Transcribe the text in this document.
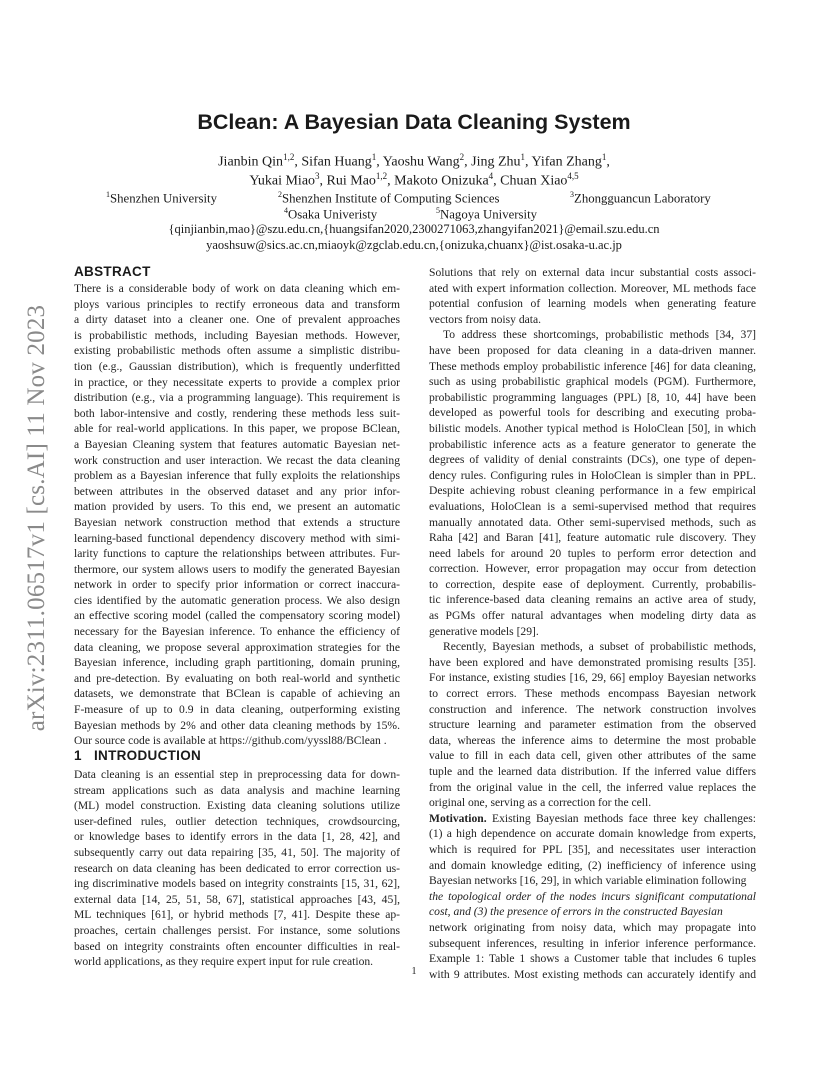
arXiv:2311.06517v1 [cs.AI] 11 Nov 2023
BClean: A Bayesian Data Cleaning System
Jianbin Qin$^{1,2}$, Sifan Huang$^1$, Yaoshu Wang$^2$, Jing Zhu$^1$, Yifan Zhang$^1$,
Yukai Miao$^3$, Rui Mao$^{1,2}$, Makoto Onizuka$^4$, Chuan Xiao$^{4,5}$
$^1$Shenzhen University	$^2$Shenzhen Institute of Computing Sciences	$^3$Zhongguancun Laboratory
$^4$Osaka Univeristy	$^5$Nagoya University
{qinjianbin,mao}@szu.edu.cn,{huangsifan2020,2300271063,zhangyifan2021}@email.szu.edu.cn
yaoshsuw@sics.ac.cn,miaoyk@zgclab.edu.cn,{onizuka,chuanx}@ist.osaka-u.ac.jp
ABSTRACT
There is a considerable body of work on data cleaning which em-
ploys various principles to rectify erroneous data and transform
a dirty dataset into a cleaner one. One of prevalent approaches
is probabilistic methods, including Bayesian methods. However,
existing probabilistic methods often assume a simplistic distribu-
tion (e.g., Gaussian distribution), which is frequently underfitted
in practice, or they necessitate experts to provide a complex prior
distribution (e.g., via a programming language). This requirement is
both labor-intensive and costly, rendering these methods less suit-
able for real-world applications. In this paper, we propose BClean,
a Bayesian Cleaning system that features automatic Bayesian net-
work construction and user interaction. We recast the data cleaning
problem as a Bayesian inference that fully exploits the relationships
between attributes in the observed dataset and any prior infor-
mation provided by users. To this end, we present an automatic
Bayesian network construction method that extends a structure
learning-based functional dependency discovery method with simi-
larity functions to capture the relationships between attributes. Fur-
thermore, our system allows users to modify the generated Bayesian
network in order to specify prior information or correct inaccura-
cies identified by the automatic generation process. We also design
an effective scoring model (called the compensatory scoring model)
necessary for the Bayesian inference. To enhance the efficiency of
data cleaning, we propose several approximation strategies for the
Bayesian inference, including graph partitioning, domain pruning,
and pre-detection. By evaluating on both real-world and synthetic
datasets, we demonstrate that BClean is capable of achieving an
F-measure of up to 0.9 in data cleaning, outperforming existing
Bayesian methods by 2% and other data cleaning methods by 15%.
Our source code is available at https://github.com/yyssl88/BClean .
1 INTRODUCTION
Data cleaning is an essential step in preprocessing data for down-
stream applications such as data analysis and machine learning
(ML) model construction. Existing data cleaning solutions utilize
user-defined rules, outlier detection techniques, crowdsourcing,
or knowledge bases to identify errors in the data [1, 28, 42], and
subsequently carry out data repairing [35, 41, 50]. The majority of
research on data cleaning has been dedicated to error correction us-
ing discriminative models based on integrity constraints [15, 31, 62],
external data [14, 25, 51, 58, 67], statistical approaches [43, 45],
ML techniques [61], or hybrid methods [7, 41]. Despite these ap-
proaches, certain challenges persist. For instance, some solutions
based on integrity constraints often encounter difficulties in real-
world applications, as they require expert input for rule creation.
Solutions that rely on external data incur substantial costs associ-
ated with expert information collection. Moreover, ML methods face
potential confusion of learning models when generating feature
vectors from noisy data.
To address these shortcomings, probabilistic methods [34, 37]
have been proposed for data cleaning in a data-driven manner.
These methods employ probabilistic inference [46] for data cleaning,
such as using probabilistic graphical models (PGM). Furthermore,
probabilistic programming languages (PPL) [8, 10, 44] have been
developed as powerful tools for describing and executing proba-
bilistic models. Another typical method is HoloClean [50], in which
probabilistic inference acts as a feature generator to generate the
degrees of validity of denial constraints (DCs), one type of depen-
dency rules. Configuring rules in HoloClean is simpler than in PPL.
Despite achieving robust cleaning performance in a few empirical
evaluations, HoloClean is a semi-supervised method that requires
manually annotated data. Other semi-supervised methods, such as
Raha [42] and Baran [41], feature automatic rule discovery. They
need labels for around 20 tuples to perform error detection and
correction. However, error propagation may occur from detection
to correction, despite ease of deployment. Currently, probabilis-
tic inference-based data cleaning remains an active area of study,
as PGMs offer natural advantages when modeling dirty data as
generative models [29].
Recently, Bayesian methods, a subset of probabilistic methods,
have been explored and have demonstrated promising results [35].
For instance, existing studies [16, 29, 66] employ Bayesian networks
to correct errors. These methods encompass Bayesian network
construction and inference. The network construction involves
structure learning and parameter estimation from the observed
data, whereas the inference aims to determine the most probable
value to fill in each data cell, given other attributes of the same
tuple and the learned data distribution. If the inferred value differs
from the original value in the cell, the inferred value replaces the
original one, serving as a correction for the cell.
Motivation. Existing Bayesian methods face three key challenges:
(1) a high dependence on accurate domain knowledge from experts,
which is required for PPL [35], and necessitates user interaction
and domain knowledge editing, (2) inefficiency of inference using
Bayesian networks [16, 29], in which variable elimination following
the topological order of the nodes incurs significant computational
cost, and (3) the presence of errors in the constructed Bayesian
network originating from noisy data, which may propagate into
subsequent inferences, resulting in inferior inference performance.
Example 1: Table 1 shows a Customer table that includes 6 tuples
with 9 attributes. Most existing methods can accurately identify and
1
